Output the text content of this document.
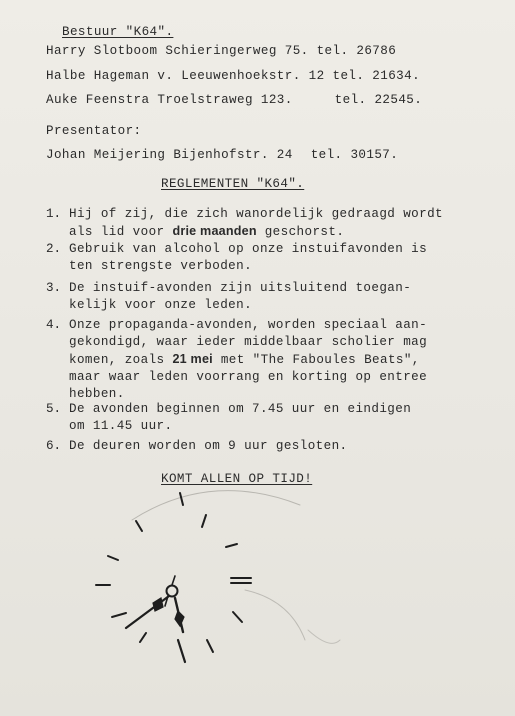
Bestuur "K64".
Harry Slotboom Schieringerweg 75. tel. 26786
Halbe Hageman v. Leeuwenhoekstr. 12 tel. 21634.
Auke Feenstra Troelstraweg 123.	tel. 22545.
Presentator:
Johan Meijering Bijenhofstr. 24 tel. 30157.
REGLEMENTEN "K64".
1. Hij of zij, die zich wanordelijk gedraagd wordt
als lid voor drie maanden geschorst.
2. Gebruik van alcohol op onze instuifavonden is
ten strengste verboden.
3. De instuif-avonden zijn uitsluitend toegan-
kelijk voor onze leden.
4. Onze propaganda-avonden, worden speciaal aan-
gekondigd, waar ieder middelbaar scholier mag
komen, zoals 21 mei met "The Faboules Beats",
maar waar leden voorrang en korting op entree
hebben.
5. De avonden beginnen om 7.45 uur en eindigen
om 11.45 uur.
6. De deuren worden om 9 uur gesloten.
KOMT ALLEN OP TIJD!
